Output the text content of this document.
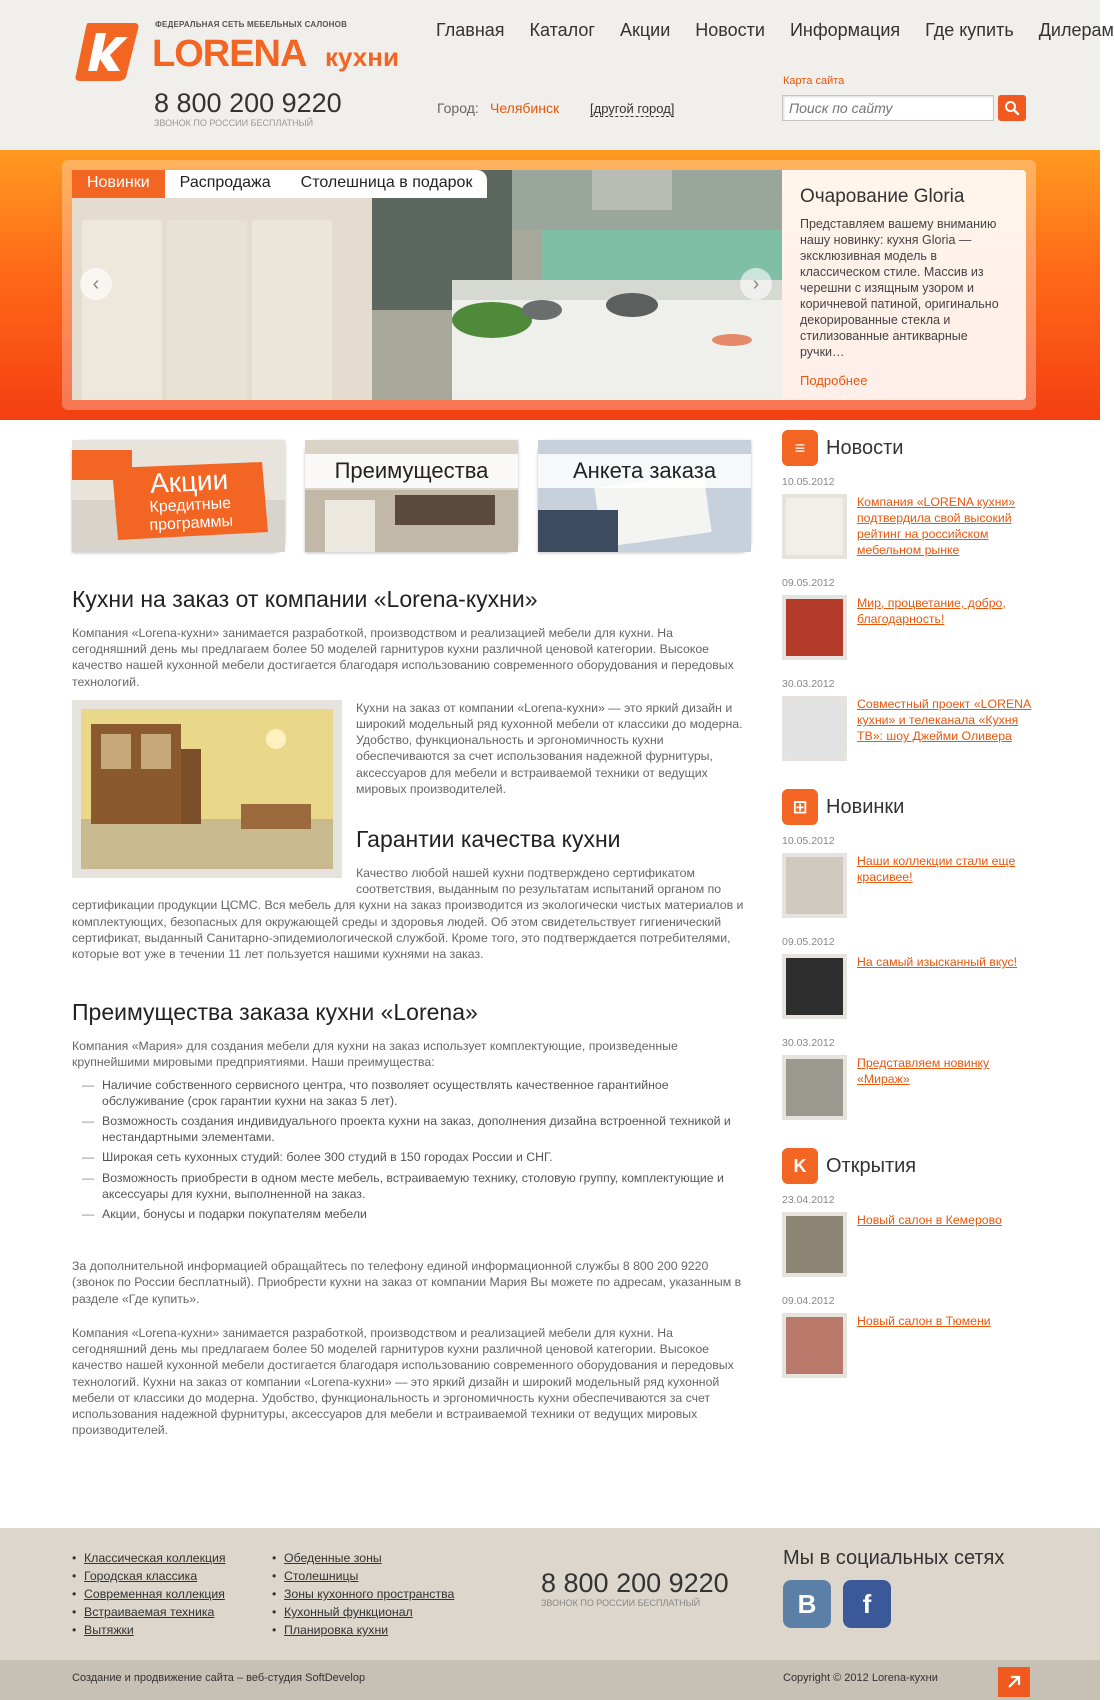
ФЕДЕРАЛЬНАЯ СЕТЬ МЕБЕЛЬНЫХ САЛОНОВ
LORENA кухни
8 800 200 9220
ЗВОНОК ПО РОССИИ БЕСПЛАТНЫЙ
Главная Каталог Акции Новости Информация Где купить Дилерам
Город: Челябинск [другой город]
Карта сайта
Поиск по сайту
Очарование Gloria
Представляем вашему вниманию нашу новинку: кухня Gloria — эксклюзивная модель в классическом стиле. Массив из черешни с изящным узором и коричневой патиной, оригинально декорированные стекла и стилизованные антикварные ручки…
Подробнее
Новинки	Распродажа	Столешница в подарок
‹	›
Акции
Кредитные
программы
Преимущества	Анкета заказа
Кухни на заказ от компании «Lorena-кухни»

Компания «Lorena-кухни» занимается разработкой, производством и реализацией мебели для кухни. На сегодняшний день мы предлагаем более 50 моделей гарнитуров кухни различной ценовой категории. Высокое качество нашей кухонной мебели достигается благодаря использованию современного оборудования и передовых технологий.

Кухни на заказ от компании «Lorena-кухни» — это яркий дизайн и широкий модельный ряд кухонной мебели от классики до модерна. Удобство, функциональность и эргономичность кухни обеспечиваются за счет использования надежной фурнитуры, аксессуаров для мебели и встраиваемой техники от ведущих мировых производителей.

Гарантии качества кухни

Качество любой нашей кухни подтверждено сертификатом соответствия, выданным по результатам испытаний органом по сертификации продукции ЦСМС. Вся мебель для кухни на заказ производится из экологически чистых материалов и комплектующих, безопасных для окружающей среды и здоровья людей. Об этом свидетельствует гигиенический сертификат, выданный Санитарно-эпидемиологической службой. Кроме того, это подтверждается потребителями, которые вот уже в течении 11 лет пользуется нашими кухнями на заказ.

Преимущества заказа кухни «Lorena»

Компания «Мария» для создания мебели для кухни на заказ использует комплектующие, произведенные крупнейшими мировыми предприятиями. Наши преимущества:

— Наличие собственного сервисного центра, что позволяет осуществлять качественное гарантийное обслуживание (срок гарантии кухни на заказ 5 лет).
— Возможность создания индивидуального проекта кухни на заказ, дополнения дизайна встроенной техникой и нестандартными элементами.
— Широкая сеть кухонных студий: более 300 студий в 150 городах России и СНГ.
— Возможность приобрести в одном месте мебель, встраиваемую технику, столовую группу, комплектующие и аксессуары для кухни, выполненной на заказ.
— Акции, бонусы и подарки покупателям мебели

За дополнительной информацией обращайтесь по телефону единой информационной службы 8 800 200 9220 (звонок по России бесплатный). Приобрести кухни на заказ от компании Мария Вы можете по адресам, указанным в разделе «Где купить».

Компания «Lorena-кухни» занимается разработкой, производством и реализацией мебели для кухни. На сегодняшний день мы предлагаем более 50 моделей гарнитуров кухни различной ценовой категории. Высокое качество нашей кухонной мебели достигается благодаря использованию современного оборудования и передовых технологий. Кухни на заказ от компании «Lorena-кухни» — это яркий дизайн и широкий модельный ряд кухонной мебели от классики до модерна. Удобство, функциональность и эргономичность кухни обеспечиваются за счет использования надежной фурнитуры, аксессуаров для мебели и встраиваемой техники от ведущих мировых производителей.

≡	Новости
10.05.2012
Компания «LORENA кухни» подтвердила свой высокий рейтинг на российском мебельном рынке
09.05.2012
Мир, процветание, добро, благодарность!
30.03.2012
Совместный проект «LORENA кухни» и телеканала «Кухня ТВ»: шоу Джейми Оливера
⊞ Новинки
10.05.2012
Наши коллекции стали еще красивее!
09.05.2012
На самый изысканный вкус!
30.03.2012
Представляем новинку «Мираж»
K Открытия
23.04.2012
Новый салон в Кемерово
09.04.2012
Новый салон в Тюмени
• Классическая коллекция
• Городская классика
• Современная коллекция
• Встраиваемая техника
• Вытяжки
• Обеденные зоны
• Столешницы
• Зоны кухонного пространства
• Кухонный функционал
• Планировка кухни
8 800 200 9220
ЗВОНОК ПО РОССИИ БЕСПЛАТНЫЙ
Мы в социальных сетях
B f
Создание и продвижение сайта – веб-студия SoftDevelop	Copyright © 2012 Lorena-кухни
